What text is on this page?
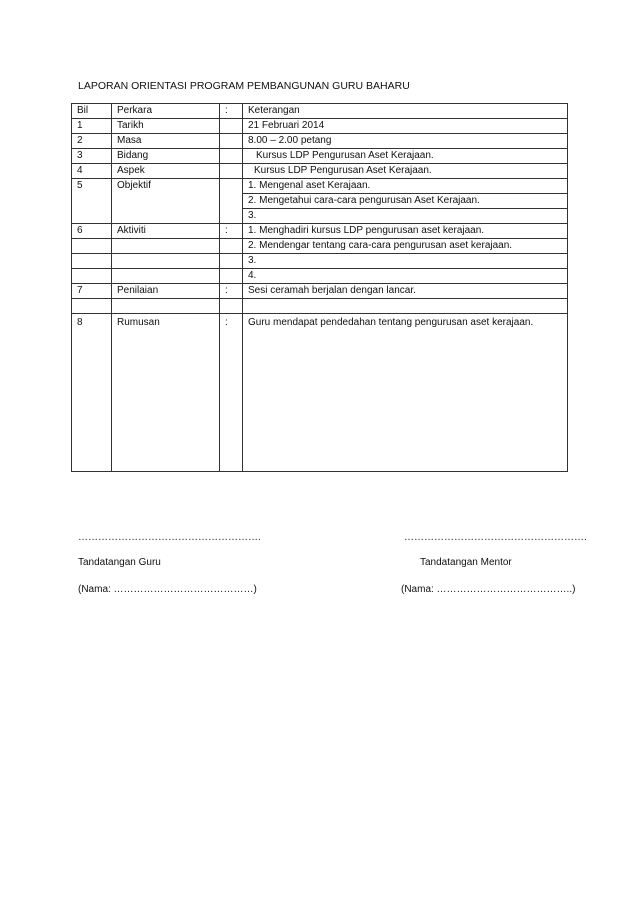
LAPORAN ORIENTASI PROGRAM PEMBANGUNAN GURU BAHARU
Bil	Perkara	:	Keterangan
1	Tarikh		21 Februari 2014
2	Masa		8.00 – 2.00 petang
3	Bidang		Kursus LDP Pengurusan Aset Kerajaan.
4	Aspek		Kursus LDP Pengurusan Aset Kerajaan.
5	Objektif		1. Mengenal aset Kerajaan.
			2. Mengetahui cara-cara pengurusan Aset Kerajaan.
			3.
6	Aktiviti	:	1. Menghadiri kursus LDP pengurusan aset kerajaan.
			2. Mendengar tentang cara-cara pengurusan aset kerajaan.
			3.
			4.
7	Penilaian	:	Sesi ceramah berjalan dengan lancar.

8	Rumusan	:	Guru mendapat pendedahan tentang pengurusan aset kerajaan.
……………………………………………….	……………………………………………….
Tandatangan Guru	Tandatangan Mentor
(Nama: ……………………………………)	(Nama: …………………………………..)
